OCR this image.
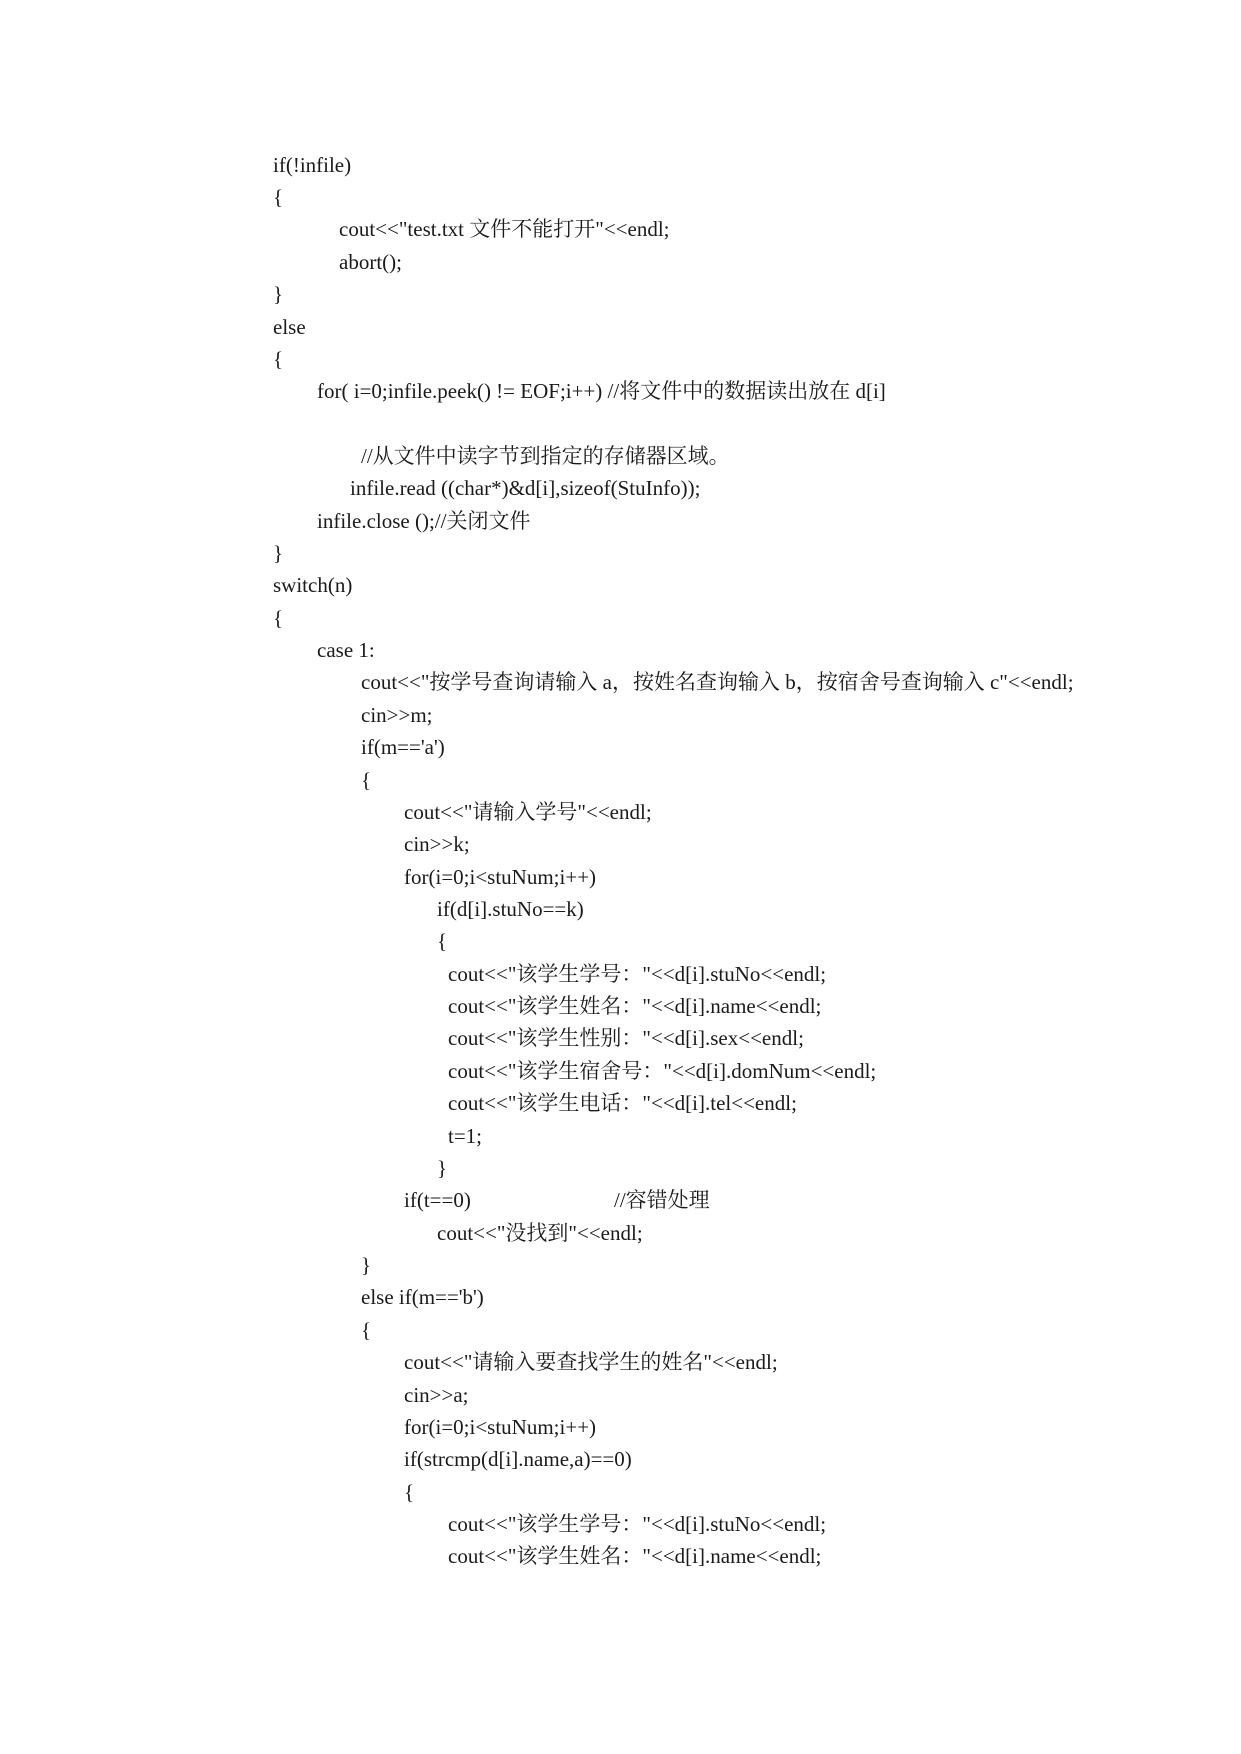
if(!infile)
{
cout<<"test.txt 文件不能打开"<<endl;
abort();
}
else
{
for( i=0;infile.peek() != EOF;i++) //将文件中的数据读出放在 d[i]
//从文件中读字节到指定的存储器区域。
infile.read ((char*)&d[i],sizeof(StuInfo));
infile.close ();//关闭文件
}
switch(n)
{
case 1:
cout<<"按学号查询请输入 a，按姓名查询输入 b，按宿舍号查询输入 c"<<endl;
cin>>m;
if(m=='a')
{
cout<<"请输入学号"<<endl;
cin>>k;
for(i=0;i<stuNum;i++)
if(d[i].stuNo==k)
{
cout<<"该学生学号："<<d[i].stuNo<<endl;
cout<<"该学生姓名："<<d[i].name<<endl;
cout<<"该学生性别："<<d[i].sex<<endl;
cout<<"该学生宿舍号："<<d[i].domNum<<endl;
cout<<"该学生电话："<<d[i].tel<<endl;
t=1;
}
if(t==0)	//容错处理
cout<<"没找到"<<endl;
}
else if(m=='b')
{
cout<<"请输入要查找学生的姓名"<<endl;
cin>>a;
for(i=0;i<stuNum;i++)
if(strcmp(d[i].name,a)==0)
{
cout<<"该学生学号："<<d[i].stuNo<<endl;
cout<<"该学生姓名："<<d[i].name<<endl;
